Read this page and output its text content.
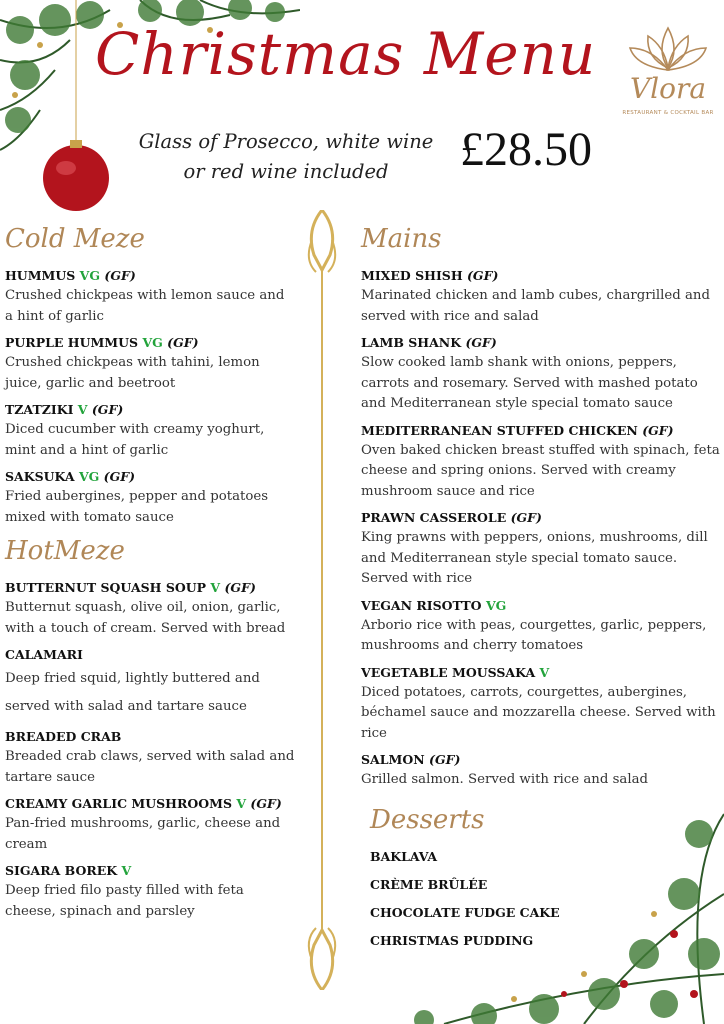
Christmas Menu
Vlora
RESTAURANT & COCKTAIL BAR
Glass of Prosecco, white wine or red wine included	£28.50
Cold Meze
HUMMUS VG (GF)
Crushed chickpeas with lemon sauce and a hint of garlic
PURPLE HUMMUS VG (GF)
Crushed chickpeas with tahini, lemon juice, garlic and beetroot
TZATZIKI V (GF)
Diced cucumber with creamy yoghurt, mint and a hint of garlic
SAKSUKA VG (GF)
Fried aubergines, pepper and potatoes mixed with tomato sauce
HotMeze
BUTTERNUT SQUASH SOUP V (GF)
Butternut squash, olive oil, onion, garlic, with a touch of cream. Served with bread
CALAMARI
Deep fried squid, lightly buttered and served with salad and tartare sauce
BREADED CRAB
Breaded crab claws, served with salad and tartare sauce
CREAMY GARLIC MUSHROOMS V (GF)
Pan-fried mushrooms, garlic, cheese and cream
SIGARA BOREK V
Deep fried filo pasty filled with feta cheese, spinach and parsley
Mains
MIXED SHISH (GF)
Marinated chicken and lamb cubes, chargrilled and served with rice and salad
LAMB SHANK (GF)
Slow cooked lamb shank with onions, peppers, carrots and rosemary. Served with mashed potato and Mediterranean style special tomato sauce
MEDITERRANEAN STUFFED CHICKEN (GF)
Oven baked chicken breast stuffed with spinach, feta cheese and spring onions. Served with creamy mushroom sauce and rice
PRAWN CASSEROLE (GF)
King prawns with peppers, onions, mushrooms, dill and Mediterranean style special tomato sauce. Served with rice
VEGAN RISOTTO VG
Arborio rice with peas, courgettes, garlic, peppers, mushrooms and cherry tomatoes
VEGETABLE MOUSSAKA V
Diced potatoes, carrots, courgettes, aubergines, béchamel sauce and mozzarella cheese. Served with rice
SALMON (GF)
Grilled salmon. Served with rice and salad
Desserts
BAKLAVA
CRÈME BRÛLÉE
CHOCOLATE FUDGE CAKE
CHRISTMAS PUDDING
